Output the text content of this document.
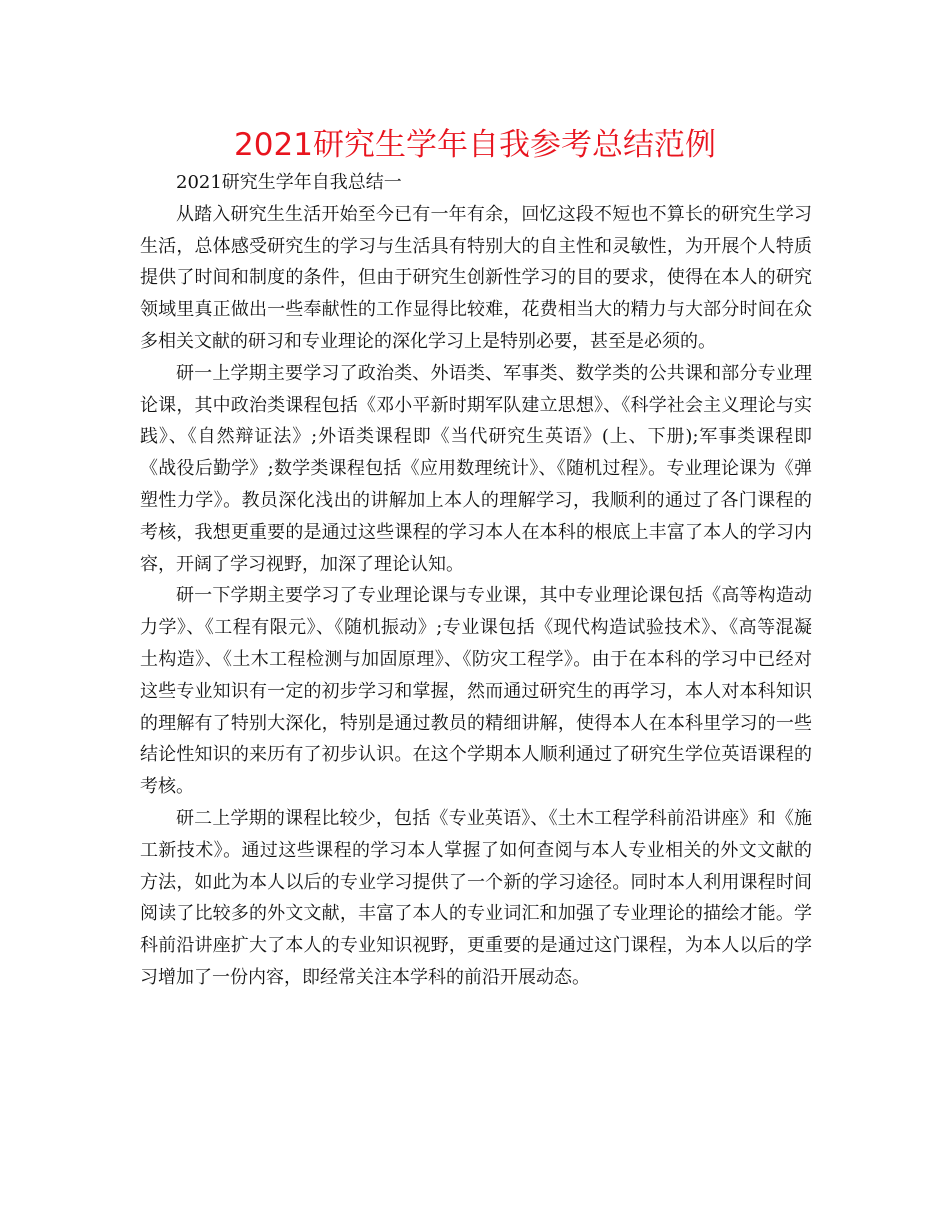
2021研究生学年自我参考总结范例

2021研究生学年自我总结一

从踏入研究生生活开始至今已有一年有余，回忆这段不短也不算长的研究生学习生活，总体感受研究生的学习与生活具有特别大的自主性和灵敏性，为开展个人特质提供了时间和制度的条件，但由于研究生创新性学习的目的要求，使得在本人的研究领域里真正做出一些奉献性的工作显得比较难，花费相当大的精力与大部分时间在众多相关文献的研习和专业理论的深化学习上是特别必要，甚至是必须的。

研一上学期主要学习了政治类、外语类、军事类、数学类的公共课和部分专业理论课，其中政治类课程包括《邓小平新时期军队建立思想》、《科学社会主义理论与实践》、《自然辩证法》;外语类课程即《当代研究生英语》(上、下册);军事类课程即《战役后勤学》;数学类课程包括《应用数理统计》、《随机过程》。专业理论课为《弹塑性力学》。教员深化浅出的讲解加上本人的理解学习，我顺利的通过了各门课程的考核，我想更重要的是通过这些课程的学习本人在本科的根底上丰富了本人的学习内容，开阔了学习视野，加深了理论认知。

研一下学期主要学习了专业理论课与专业课，其中专业理论课包括《高等构造动力学》、《工程有限元》、《随机振动》;专业课包括《现代构造试验技术》、《高等混凝土构造》、《土木工程检测与加固原理》、《防灾工程学》。由于在本科的学习中已经对这些专业知识有一定的初步学习和掌握，然而通过研究生的再学习，本人对本科知识的理解有了特别大深化，特别是通过教员的精细讲解，使得本人在本科里学习的一些结论性知识的来历有了初步认识。在这个学期本人顺利通过了研究生学位英语课程的考核。

研二上学期的课程比较少，包括《专业英语》、《土木工程学科前沿讲座》和《施工新技术》。通过这些课程的学习本人掌握了如何查阅与本人专业相关的外文文献的方法，如此为本人以后的专业学习提供了一个新的学习途径。同时本人利用课程时间阅读了比较多的外文文献，丰富了本人的专业词汇和加强了专业理论的描绘才能。学科前沿讲座扩大了本人的专业知识视野，更重要的是通过这门课程，为本人以后的学习增加了一份内容，即经常关注本学科的前沿开展动态。
